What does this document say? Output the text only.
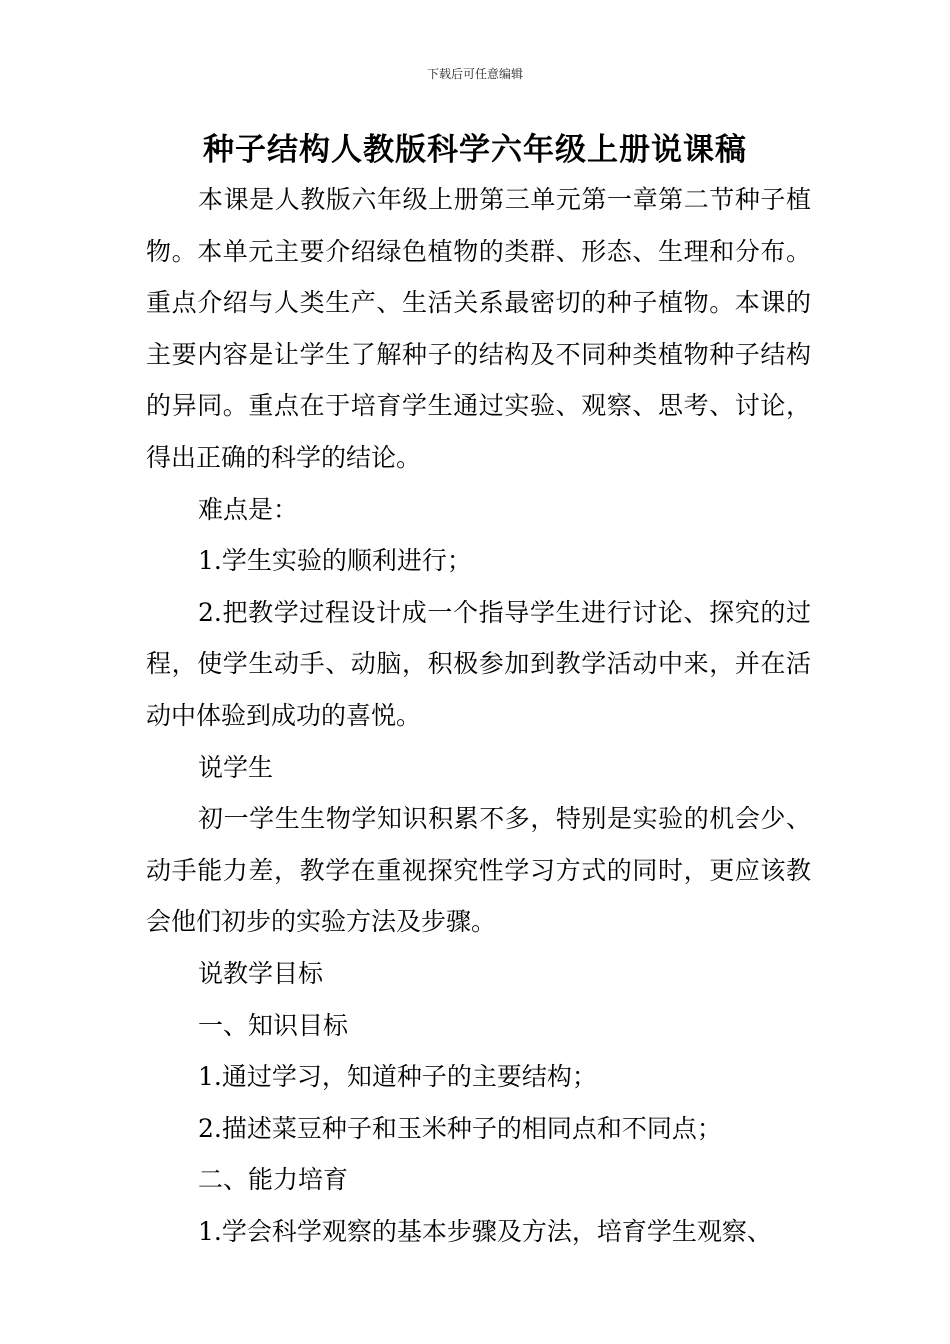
下载后可任意编辑
种子结构人教版科学六年级上册说课稿

本课是人教版六年级上册第三单元第一章第二节种子植物。本单元主要介绍绿色植物的类群、形态、生理和分布。重点介绍与人类生产、生活关系最密切的种子植物。本课的主要内容是让学生了解种子的结构及不同种类植物种子结构的异同。重点在于培育学生通过实验、观察、思考、讨论，得出正确的科学的结论。

难点是：

1.学生实验的顺利进行；

2.把教学过程设计成一个指导学生进行讨论、探究的过程，使学生动手、动脑，积极参加到教学活动中来，并在活动中体验到成功的喜悦。

说学生

初一学生生物学知识积累不多，特别是实验的机会少、动手能力差，教学在重视探究性学习方式的同时，更应该教会他们初步的实验方法及步骤。

说教学目标

一、知识目标

1.通过学习，知道种子的主要结构；

2.描述菜豆种子和玉米种子的相同点和不同点；

二、能力培育

1.学会科学观察的基本步骤及方法，培育学生观察、
